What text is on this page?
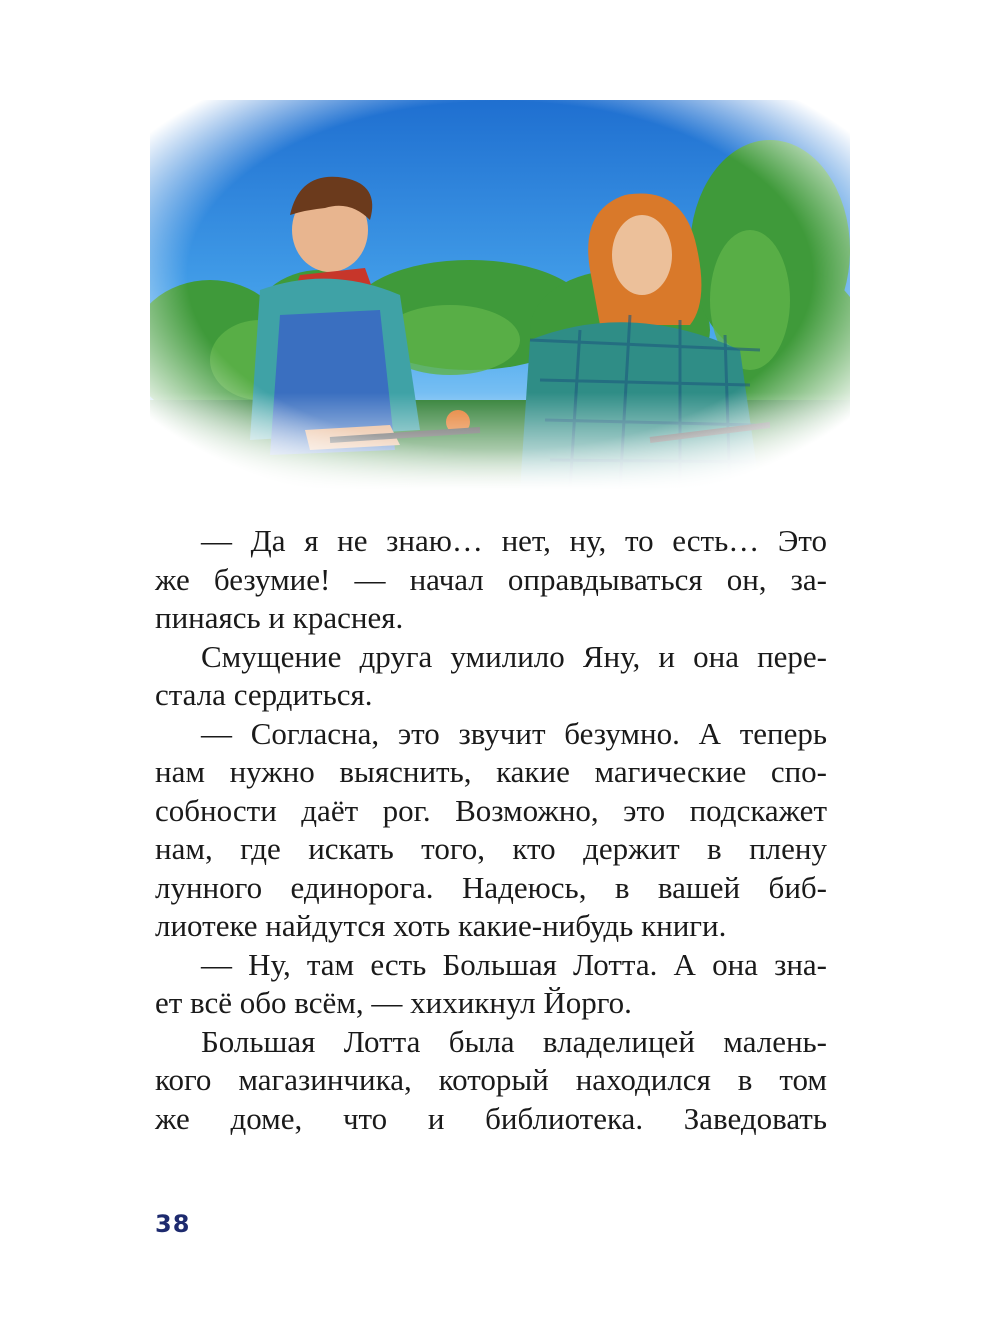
— Да я не знаю… нет, ну, то есть… Это
же безумие! — начал оправдываться он, за-
пинаясь и краснея.
Смущение друга умилило Яну, и она пере-
стала сердиться.
— Согласна, это звучит безумно. А теперь
нам нужно выяснить, какие магические спо-
собности даёт рог. Возможно, это подскажет
нам, где искать того, кто держит в плену
лунного единорога. Надеюсь, в вашей биб-
лиотеке найдутся хоть какие-нибудь книги.
— Ну, там есть Большая Лотта. А она зна-
ет всё обо всём, — хихикнул Йорго.
Большая Лотта была владелицей малень-
кого магазинчика, который находился в том
же доме, что и библиотека. Заведовать
38
